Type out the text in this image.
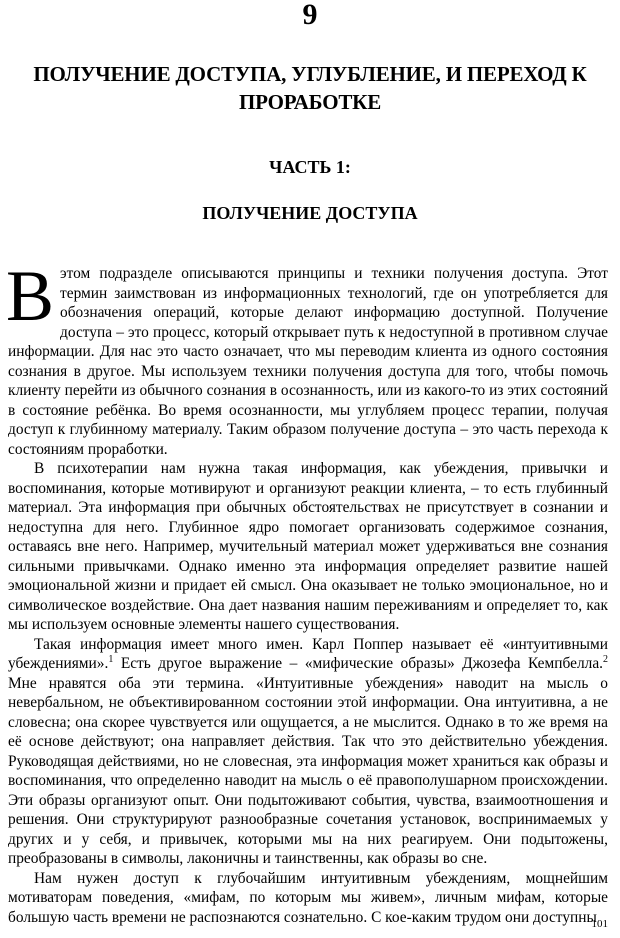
9
ПОЛУЧЕНИЕ ДОСТУПА, УГЛУБЛЕНИЕ, И ПЕРЕХОД К ПРОРАБОТКЕ
ЧАСТЬ 1:
ПОЛУЧЕНИЕ ДОСТУПА

Вэтом подразделе описываются принципы и техники получения доступа. Этот термин заимствован из информационных технологий, где он употребляется для обозначения операций, которые делают информацию доступной. Получение доступа – это процесс, который открывает путь к недоступной в противном случае информации. Для нас это часто означает, что мы переводим клиента из одного состояния сознания в другое. Мы используем техники получения доступа для того, чтобы помочь клиенту перейти из обычного сознания в осознанность, или из какого-то из этих состояний в состояние ребёнка. Во время осознанности, мы углубляем процесс терапии, получая доступ к глубинному материалу. Таким образом получение доступа – это часть перехода к состояниям проработки.

В психотерапии нам нужна такая информация, как убеждения, привычки и воспоминания, которые мотивируют и организуют реакции клиента, – то есть глубинный материал. Эта информация при обычных обстоятельствах не присутствует в сознании и недоступна для него. Глубинное ядро помогает организовать содержимое сознания, оставаясь вне него. Например, мучительный материал может удерживаться вне сознания сильными привычками. Однако именно эта информация определяет развитие нашей эмоциональной жизни и придает ей смысл. Она оказывает не только эмоциональное, но и символическое воздействие. Она дает названия нашим переживаниям и определяет то, как мы используем основные элементы нашего существования.

Такая информация имеет много имен. Карл Поппер называет её «интуитивными убеждениями».$^1$ Есть другое выражение – «мифические образы» Джозефа Кемпбелла.$^2$ Мне нравятся оба эти термина. «Интуитивные убеждения» наводит на мысль о невербальном, не объективированном состоянии этой информации. Она интуитивна, а не словесна; она скорее чувствуется или ощущается, а не мыслится. Однако в то же время на её основе действуют; она направляет действия. Так что это действительно убеждения. Руководящая действиями, но не словесная, эта информация может храниться как образы и воспоминания, что определенно наводит на мысль о её правополушарном происхождении. Эти образы организуют опыт. Они подытоживают события, чувства, взаимоотношения и решения. Они структурируют разнообразные сочетания установок, воспринимаемых у других и у себя, и привычек, которыми мы на них реагируем. Они подытожены, преобразованы в символы, лаконичны и таинственны, как образы во сне.

Нам нужен доступ к глубочайшим интуитивным убеждениям, мощнейшим мотиваторам поведения, «мифам, по которым мы живем», личным мифам, которые большую часть времени не распознаются сознательно. С кое-каким трудом они доступны

101
